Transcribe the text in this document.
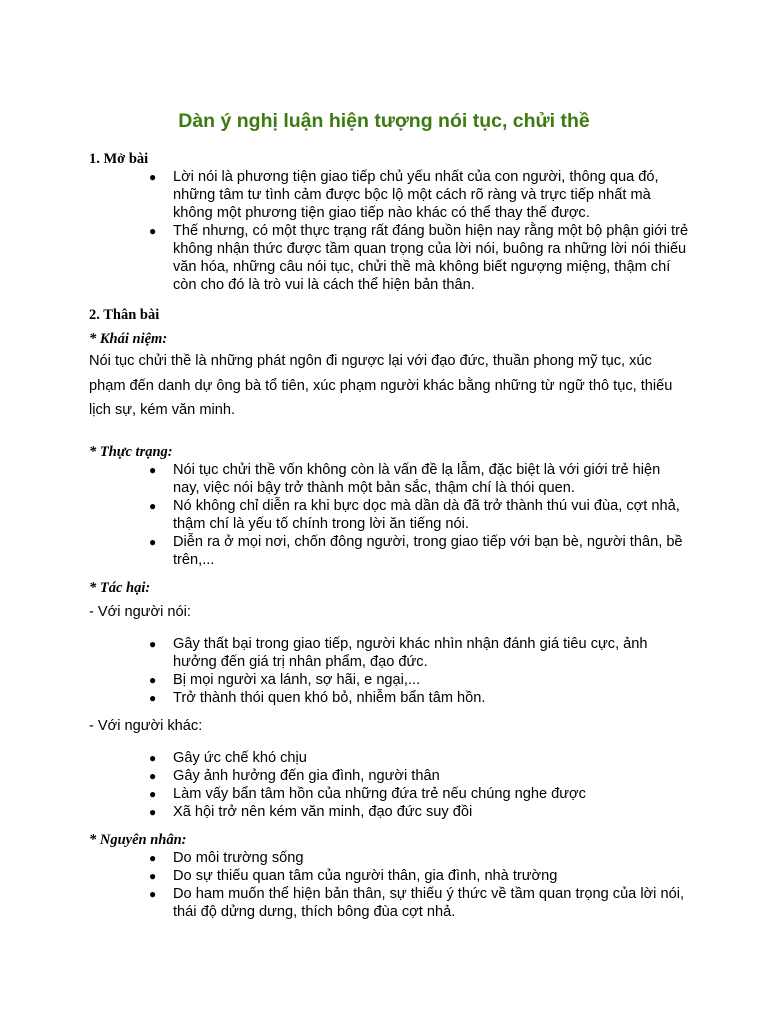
Dàn ý nghị luận hiện tượng nói tục, chửi thề

1. Mở bài

● Lời nói là phương tiện giao tiếp chủ yếu nhất của con người, thông qua đó, những tâm tư tình cảm được bộc lộ một cách rõ ràng và trực tiếp nhất mà không một phương tiện giao tiếp nào khác có thể thay thế được.
● Thế nhưng, có một thực trạng rất đáng buồn hiện nay rằng một bộ phận giới trẻ không nhận thức được tầm quan trọng của lời nói, buông ra những lời nói thiếu văn hóa, những câu nói tục, chửi thề mà không biết ngượng miệng, thậm chí còn cho đó là trò vui là cách thể hiện bản thân.

2. Thân bài

* Khái niệm:

Nói tục chửi thề là những phát ngôn đi ngược lại với đạo đức, thuần phong mỹ tục, xúc phạm đến danh dự ông bà tổ tiên, xúc phạm người khác bằng những từ ngữ thô tục, thiếu lịch sự, kém văn minh.

* Thực trạng:

● Nói tục chửi thề vốn không còn là vấn đề lạ lẫm, đặc biệt là với giới trẻ hiện nay, việc nói bậy trở thành một bản sắc, thậm chí là thói quen.
● Nó không chỉ diễn ra khi bực dọc mà dần dà đã trở thành thú vui đùa, cợt nhả, thậm chí là yếu tố chính trong lời ăn tiếng nói.
● Diễn ra ở mọi nơi, chốn đông người, trong giao tiếp với bạn bè, người thân, bề trên,...

* Tác hại:

- Với người nói:

● Gây thất bại trong giao tiếp, người khác nhìn nhận đánh giá tiêu cực, ảnh hưởng đến giá trị nhân phẩm, đạo đức.
● Bị mọi người xa lánh, sợ hãi, e ngại,...
● Trở thành thói quen khó bỏ, nhiễm bẩn tâm hồn.

- Với người khác:

● Gây ức chế khó chịu
● Gây ảnh hưởng đến gia đình, người thân
● Làm vấy bẩn tâm hồn của những đứa trẻ nếu chúng nghe được
● Xã hội trở nên kém văn minh, đạo đức suy đồi

* Nguyên nhân:

● Do môi trường sống
● Do sự thiếu quan tâm của người thân, gia đình, nhà trường
● Do ham muốn thể hiện bản thân, sự thiếu ý thức về tầm quan trọng của lời nói, thái độ dửng dưng, thích bông đùa cợt nhả.
